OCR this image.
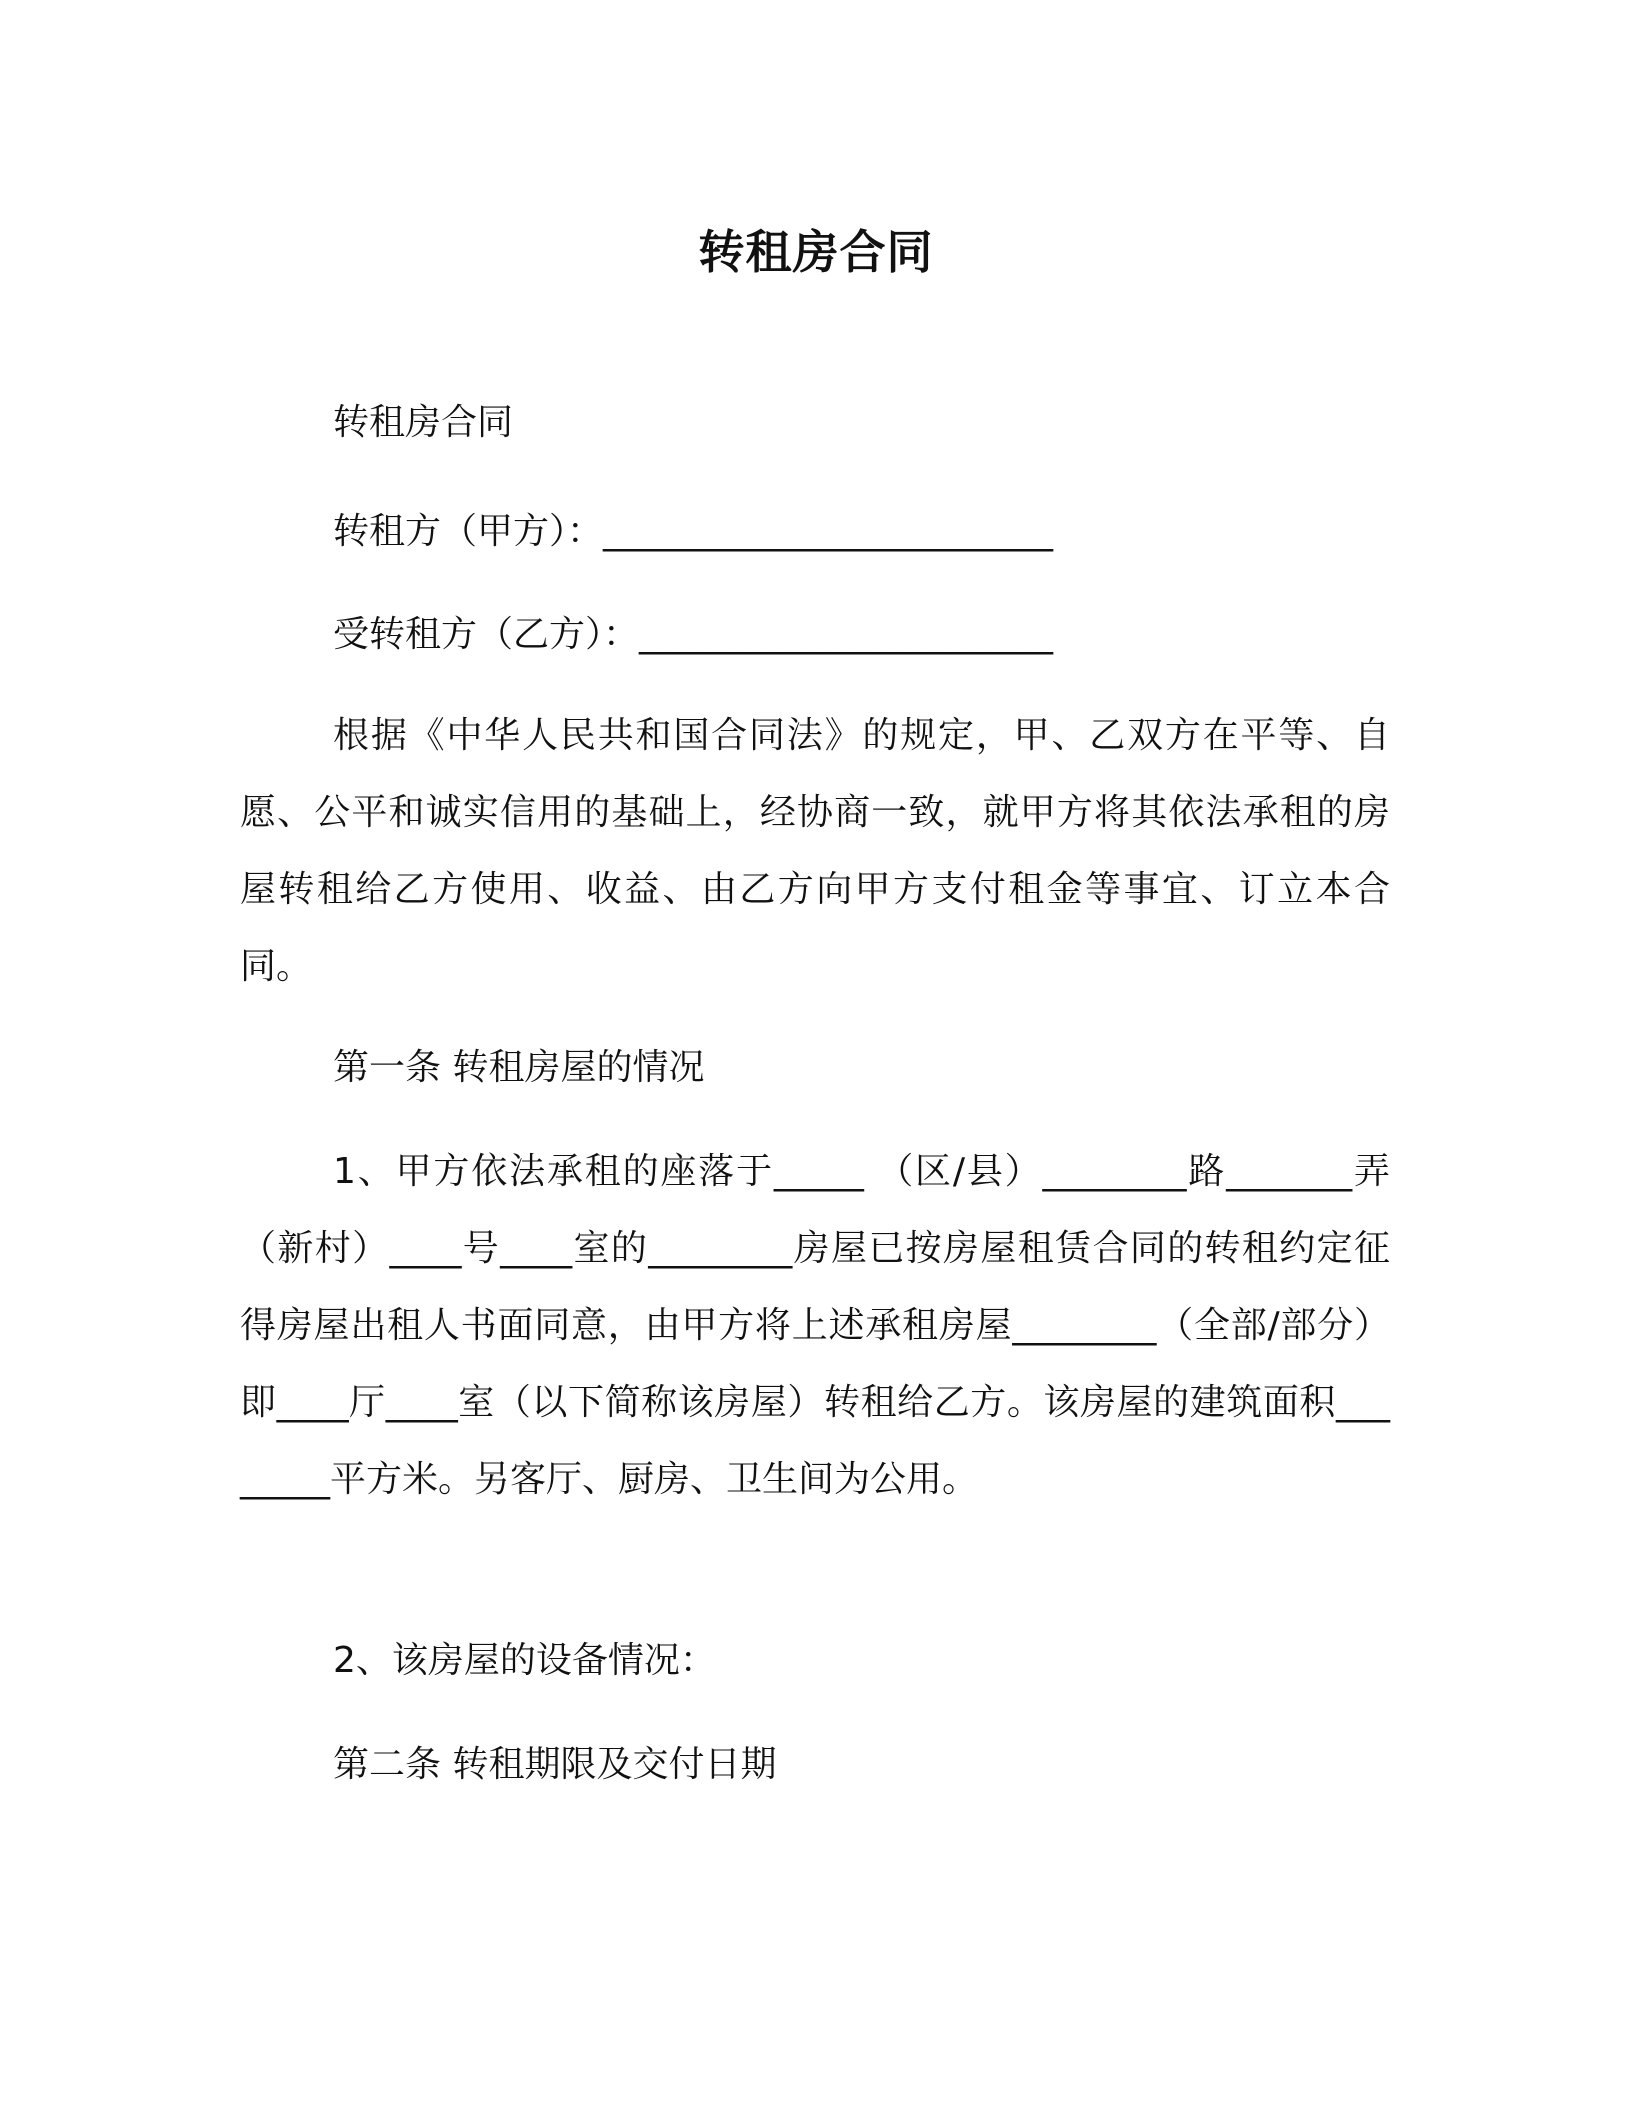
转租房合同
转租房合同
转租方（甲方）：_________________________
受转租方（乙方）：_______________________
根据《中华人民共和国合同法》的规定，甲、乙双方在平等、自愿、公平和诚实信用的基础上，经协商一致，就甲方将其依法承租的房屋转租给乙方使用、收益、由乙方向甲方支付租金等事宜、订立本合同。
第一条 转租房屋的情况
1、甲方依法承租的座落于_____ （区/县）________路_______弄（新村）____号____室的________房屋已按房屋租赁合同的转租约定征得房屋出租人书面同意，由甲方将上述承租房屋________（全部/部分）即____厅____室（以下简称该房屋）转租给乙方。该房屋的建筑面积________平方米。另客厅、厨房、卫生间为公用。
2、该房屋的设备情况：
第二条 转租期限及交付日期
